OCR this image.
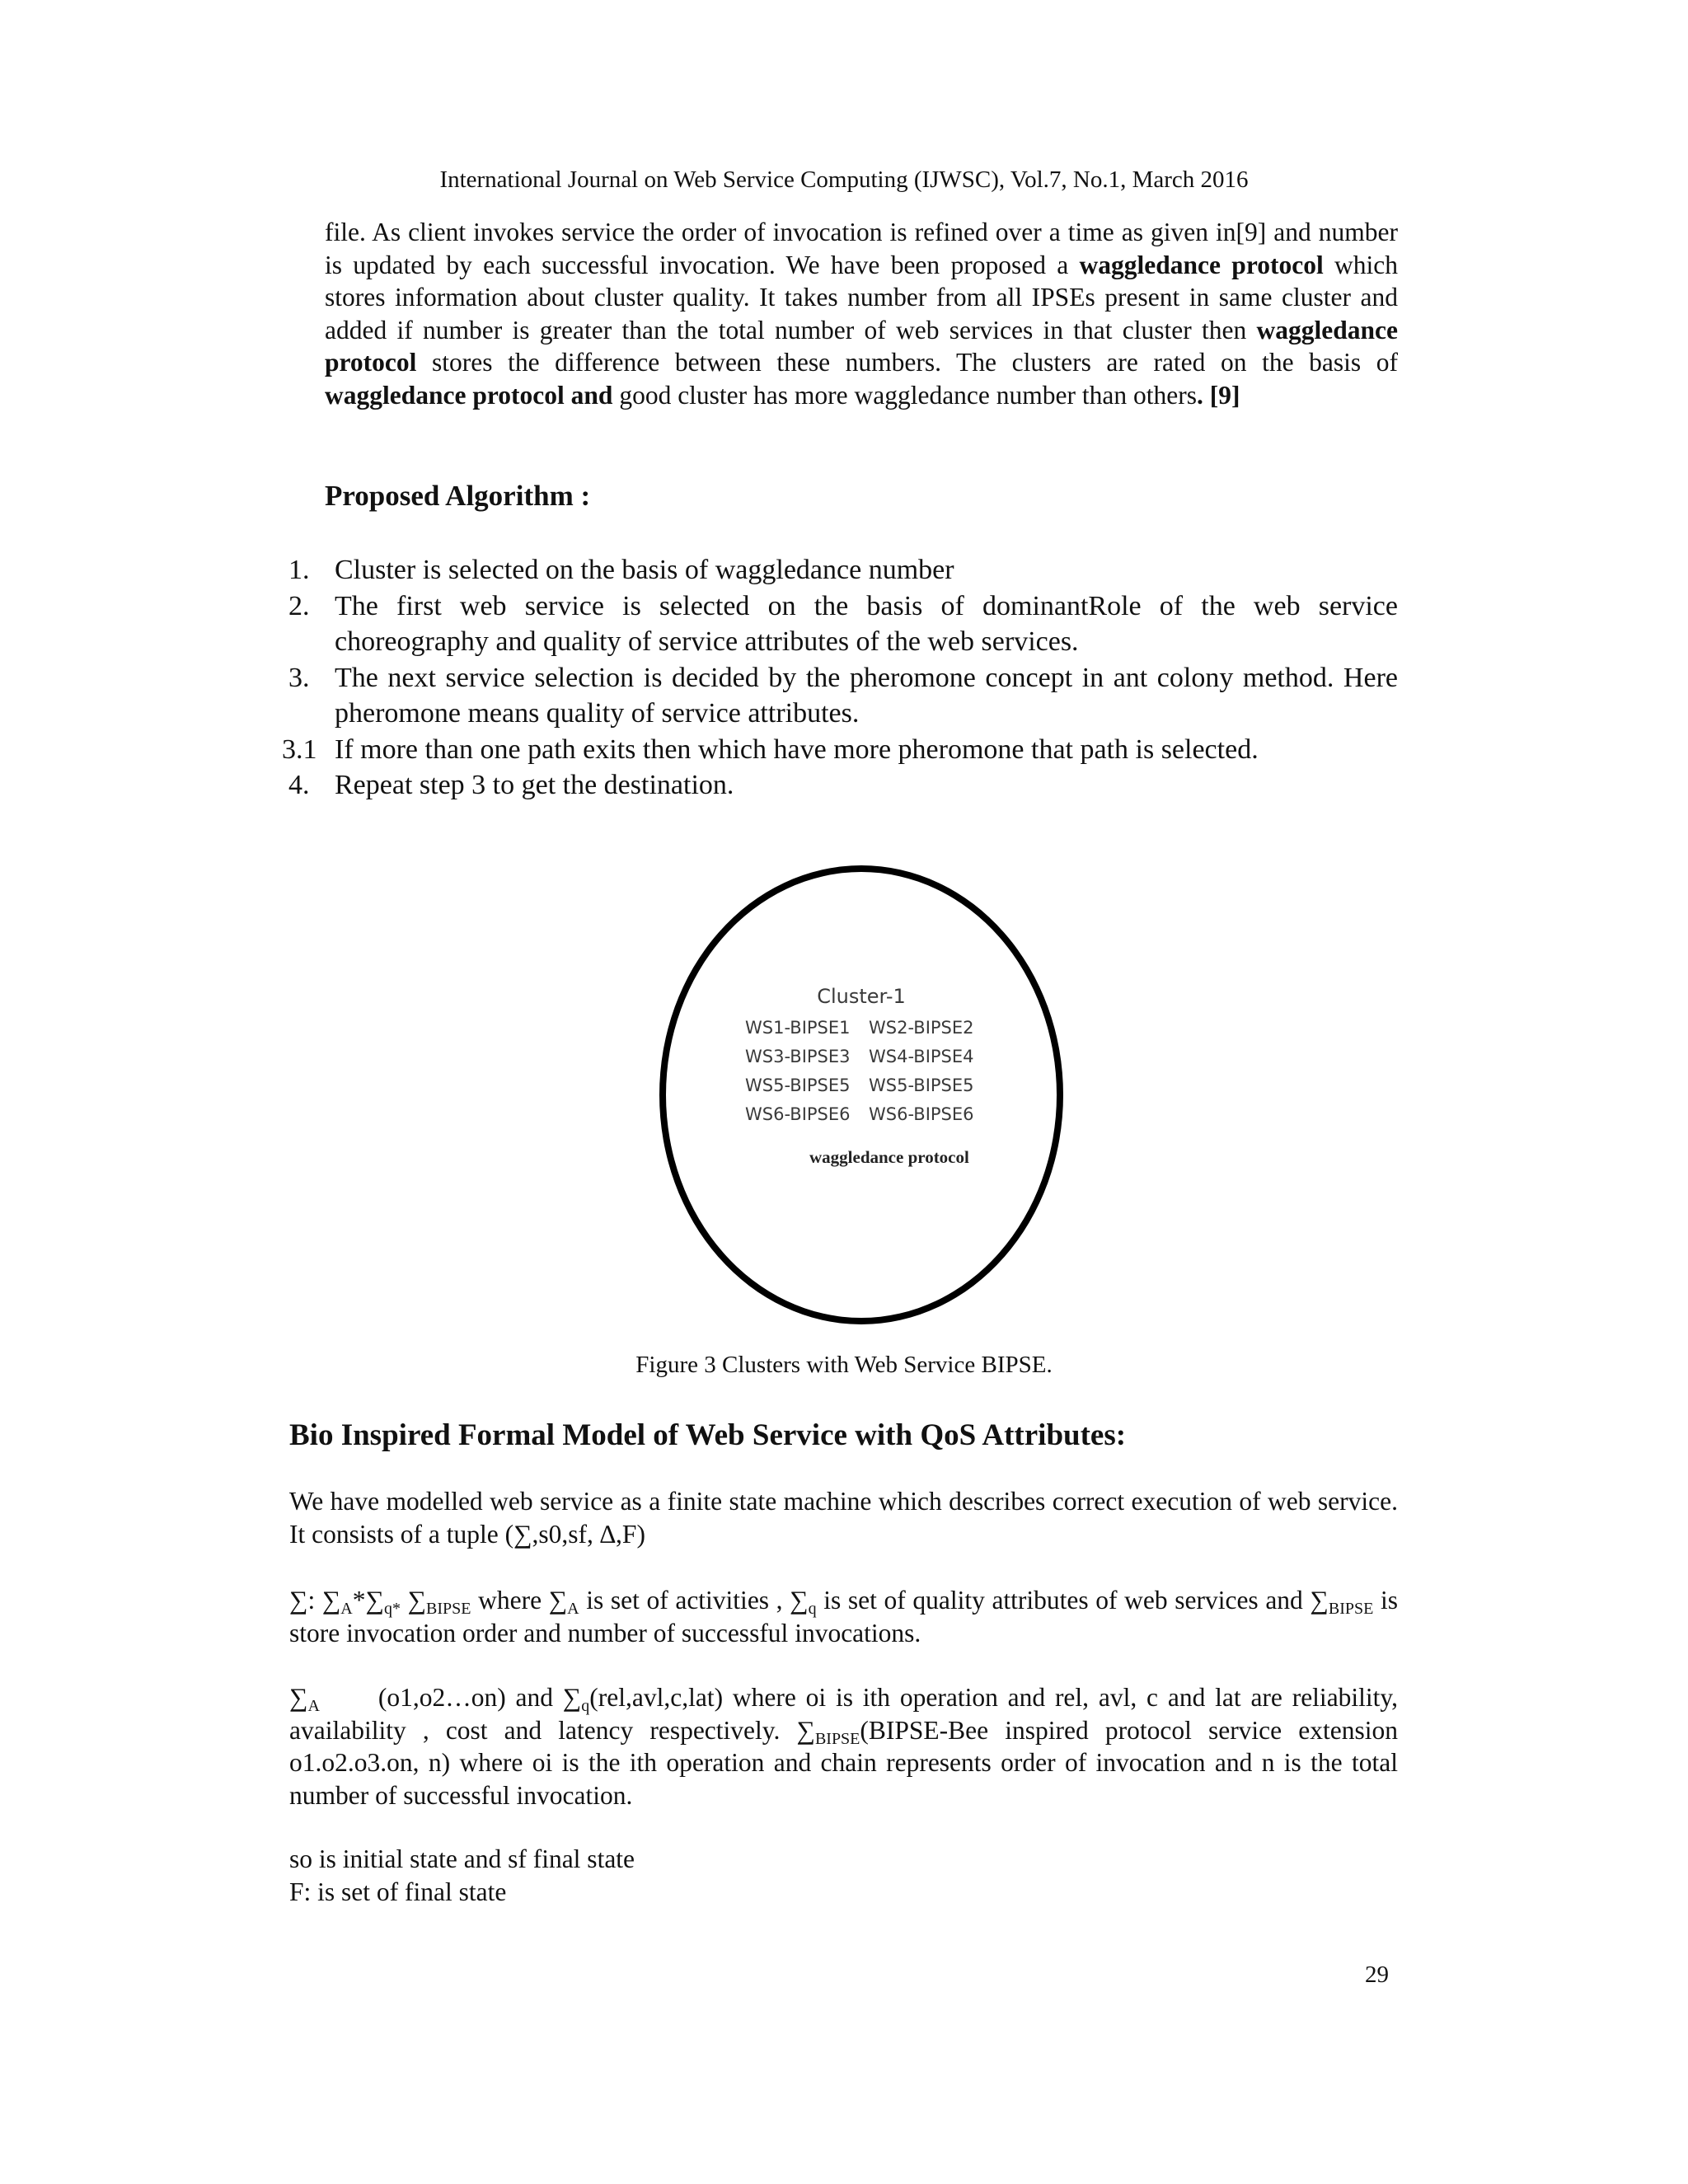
International Journal on Web Service Computing (IJWSC), Vol.7, No.1, March 2016
file. As client invokes service the order of invocation is refined over a time as given in[9] and number is updated by each successful invocation. We have been proposed a waggledance protocol which stores information about cluster quality. It takes number from all IPSEs present in same cluster and added if number is greater than the total number of web services in that cluster then waggledance protocol stores the difference between these numbers. The clusters are rated on the basis of waggledance protocol and good cluster has more waggledance number than others. [9]
Proposed Algorithm :
1. Cluster is selected on the basis of waggledance number
2. The first web service is selected on the basis of dominantRole of the web service choreography and quality of service attributes of the web services.
3. The next service selection is decided by the pheromone concept in ant colony method. Here pheromone means quality of service attributes.
3.1 If more than one path exits then which have more pheromone that path is selected.
4. Repeat step 3 to get the destination.
Cluster-1
WS1-BIPSE1	WS2-BIPSE2
WS3-BIPSE3	WS4-BIPSE4
WS5-BIPSE5	WS5-BIPSE5
WS6-BIPSE6	WS6-BIPSE6
waggledance protocol
Figure 3 Clusters with Web Service BIPSE.
Bio Inspired Formal Model of Web Service with QoS Attributes:
We have modelled web service as a finite state machine which describes correct execution of web service. It consists of a tuple (∑,s0,sf, ∆,F)
∑: $\sum_A*\sum_{q*}$ $\sum_{BIPSE}$ where $\sum_A$ is set of activities , $\sum_q$ is set of quality attributes of web services and $\sum_{BIPSE}$ is store invocation order and number of successful invocations.
$\sum_A$      (o1,o2…on) and $\sum_q(rel,avl,c,lat)$ where oi is ith operation and rel, avl, c and lat are reliability, availability , cost and latency respectively. $\sum_{BIPSE}(BIPSE$-Bee inspired protocol service extension o1.o2.o3.on, n) where oi is the ith operation and chain represents order of invocation and n is the total number of successful invocation.
so is initial state and sf final state
F: is set of final state
29
